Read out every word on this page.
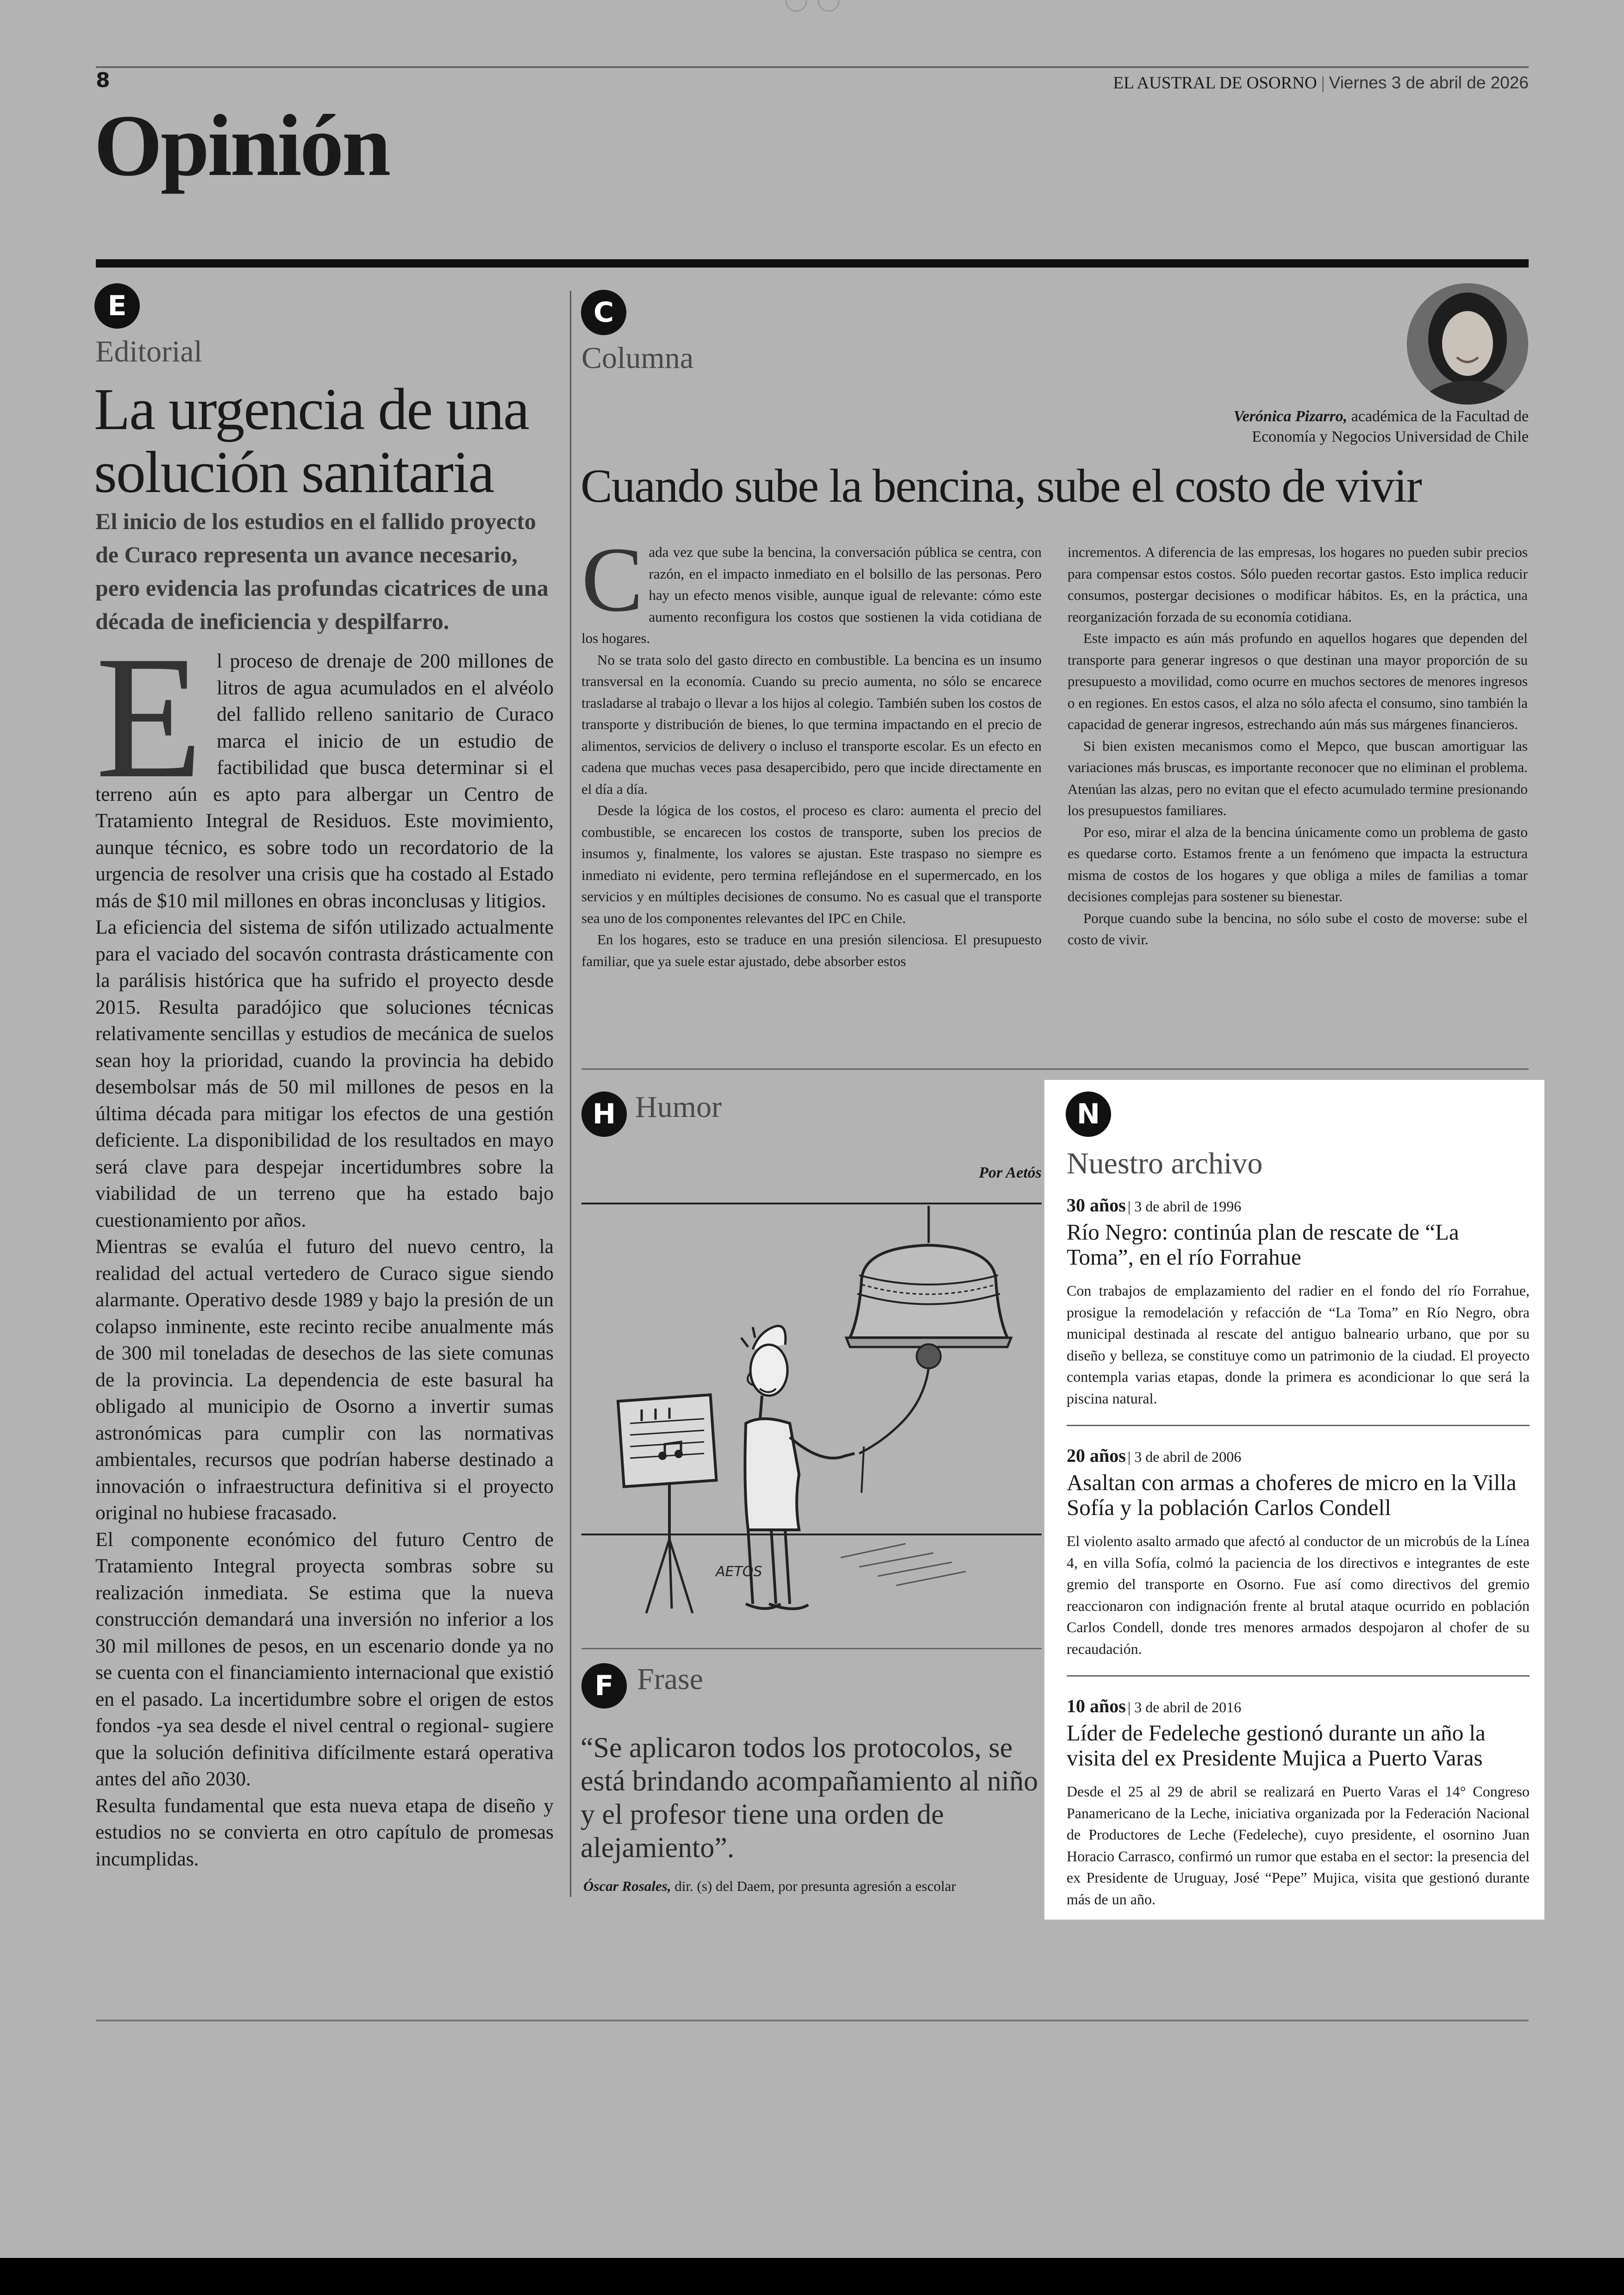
8	EL AUSTRAL DE OSORNO | Viernes 3 de abril de 2026
Opinión
E
Editorial
La urgencia de una solución sanitaria
El inicio de los estudios en el fallido proyecto de Curaco representa un avance necesario, pero evidencia las profundas cicatrices de una década de ineficiencia y despilfarro.

El proceso de drenaje de 200 millones de litros de agua acumulados en el alvéolo del fallido relleno sanitario de Curaco marca el inicio de un estudio de factibilidad que busca determinar si el terreno aún es apto para albergar un Centro de Tratamiento Integral de Residuos. Este movimiento, aunque técnico, es sobre todo un recordatorio de la urgencia de resolver una crisis que ha costado al Estado más de $10 mil millones en obras inconclusas y litigios.

La eficiencia del sistema de sifón utilizado actualmente para el vaciado del socavón contrasta drásticamente con la parálisis histórica que ha sufrido el proyecto desde 2015. Resulta paradójico que soluciones técnicas relativamente sencillas y estudios de mecánica de suelos sean hoy la prioridad, cuando la provincia ha debido desembolsar más de 50 mil millones de pesos en la última década para mitigar los efectos de una gestión deficiente. La disponibilidad de los resultados en mayo será clave para despejar incertidumbres sobre la viabilidad de un terreno que ha estado bajo cuestionamiento por años.

Mientras se evalúa el futuro del nuevo centro, la realidad del actual vertedero de Curaco sigue siendo alarmante. Operativo desde 1989 y bajo la presión de un colapso inminente, este recinto recibe anualmente más de 300 mil toneladas de desechos de las siete comunas de la provincia. La dependencia de este basural ha obligado al municipio de Osorno a invertir sumas astronómicas para cumplir con las normativas ambientales, recursos que podrían haberse destinado a innovación o infraestructura definitiva si el proyecto original no hubiese fracasado.

El componente económico del futuro Centro de Tratamiento Integral proyecta sombras sobre su realización inmediata. Se estima que la nueva construcción demandará una inversión no inferior a los 30 mil millones de pesos, en un escenario donde ya no se cuenta con el financiamiento internacional que existió en el pasado. La incertidumbre sobre el origen de estos fondos -ya sea desde el nivel central o regional- sugiere que la solución definitiva difícilmente estará operativa antes del año 2030.

Resulta fundamental que esta nueva etapa de diseño y estudios no se convierta en otro capítulo de promesas incumplidas.

C
Columna
Verónica Pizarro, académica de la Facultad de
Economía y Negocios Universidad de Chile
Cuando sube la bencina, sube el costo de vivir

Cada vez que sube la bencina, la conversación pública se centra, con razón, en el impacto inmediato en el bolsillo de las personas. Pero hay un efecto menos visible, aunque igual de relevante: cómo este aumento reconfigura los costos que sostienen la vida cotidiana de los hogares.

No se trata solo del gasto directo en combustible. La bencina es un insumo transversal en la economía. Cuando su precio aumenta, no sólo se encarece trasladarse al trabajo o llevar a los hijos al colegio. También suben los costos de transporte y distribución de bienes, lo que termina impactando en el precio de alimentos, servicios de delivery o incluso el transporte escolar. Es un efecto en cadena que muchas veces pasa desapercibido, pero que incide directamente en el día a día.

Desde la lógica de los costos, el proceso es claro: aumenta el precio del combustible, se encarecen los costos de transporte, suben los precios de insumos y, finalmente, los valores se ajustan. Este traspaso no siempre es inmediato ni evidente, pero termina reflejándose en el supermercado, en los servicios y en múltiples decisiones de consumo. No es casual que el transporte sea uno de los componentes relevantes del IPC en Chile.

En los hogares, esto se traduce en una presión silenciosa. El presupuesto familiar, que ya suele estar ajustado, debe absorber estos

incrementos. A diferencia de las empresas, los hogares no pueden subir precios para compensar estos costos. Sólo pueden recortar gastos. Esto implica reducir consumos, postergar decisiones o modificar hábitos. Es, en la práctica, una reorganización forzada de su economía cotidiana.

Este impacto es aún más profundo en aquellos hogares que dependen del transporte para generar ingresos o que destinan una mayor proporción de su presupuesto a movilidad, como ocurre en muchos sectores de menores ingresos o en regiones. En estos casos, el alza no sólo afecta el consumo, sino también la capacidad de generar ingresos, estrechando aún más sus márgenes financieros.

Si bien existen mecanismos como el Mepco, que buscan amortiguar las variaciones más bruscas, es importante reconocer que no eliminan el problema. Atenúan las alzas, pero no evitan que el efecto acumulado termine presionando los presupuestos familiares.

Por eso, mirar el alza de la bencina únicamente como un problema de gasto es quedarse corto. Estamos frente a un fenómeno que impacta la estructura misma de costos de los hogares y que obliga a miles de familias a tomar decisiones complejas para sostener su bienestar.

Porque cuando sube la bencina, no sólo sube el costo de moverse: sube el costo de vivir.

H Humor
Por Aetós
AETOS
F Frase
“Se aplicaron todos los protocolos, se está brindando acompañamiento al niño y el profesor tiene una orden de alejamiento”.
Óscar Rosales, dir. (s) del Daem, por presunta agresión a escolar
N
Nuestro archivo
30 años | 3 de abril de 1996
Río Negro: continúa plan de rescate de “La Toma”, en el río Forrahue

Con trabajos de emplazamiento del radier en el fondo del río Forrahue, prosigue la remodelación y refacción de “La Toma” en Río Negro, obra municipal destinada al rescate del antiguo balneario urbano, que por su diseño y belleza, se constituye como un patrimonio de la ciudad. El proyecto contempla varias etapas, donde la primera es acondicionar lo que será la piscina natural.

20 años | 3 de abril de 2006
Asaltan con armas a choferes de micro en la Villa Sofía y la población Carlos Condell

El violento asalto armado que afectó al conductor de un microbús de la Línea 4, en villa Sofía, colmó la paciencia de los directivos e integrantes de este gremio del transporte en Osorno. Fue así como directivos del gremio reaccionaron con indignación frente al brutal ataque ocurrido en población Carlos Condell, donde tres menores armados despojaron al chofer de su recaudación.

10 años | 3 de abril de 2016
Líder de Fedeleche gestionó durante un año la visita del ex Presidente Mujica a Puerto Varas

Desde el 25 al 29 de abril se realizará en Puerto Varas el 14° Congreso Panamericano de la Leche, iniciativa organizada por la Federación Nacional de Productores de Leche (Fedeleche), cuyo presidente, el osornino Juan Horacio Carrasco, confirmó un rumor que estaba en el sector: la presencia del ex Presidente de Uruguay, José “Pepe” Mujica, visita que gestionó durante más de un año.
